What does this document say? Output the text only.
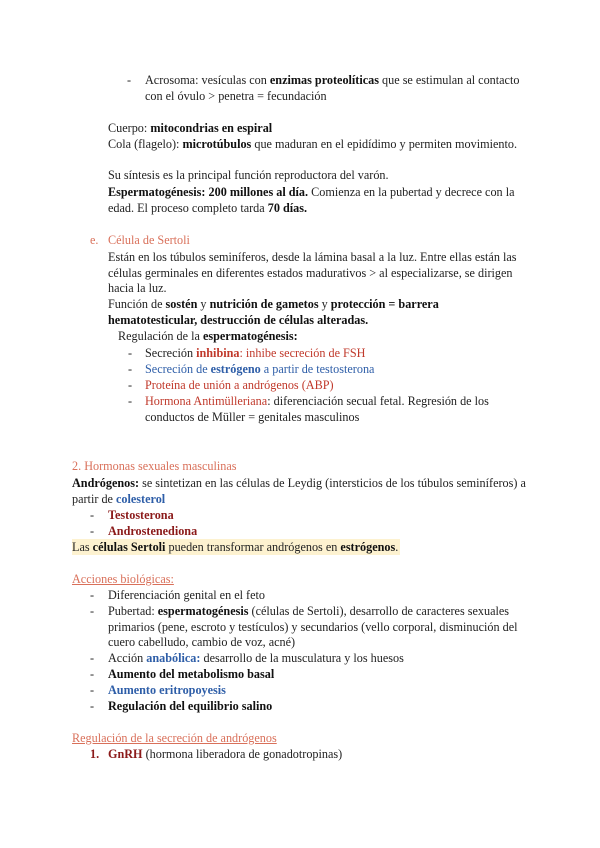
- Acrosoma: vesículas con enzimas proteolíticas que se estimulan al contacto
con el óvulo > penetra = fecundación
Cuerpo: mitocondrias en espiral
Cola (flagelo): microtúbulos que maduran en el epidídimo y permiten movimiento.
Su síntesis es la principal función reproductora del varón.
Espermatogénesis: 200 millones al día. Comienza en la pubertad y decrece con la
edad. El proceso completo tarda 70 días.
e. Célula de Sertoli
Están en los túbulos seminíferos, desde la lámina basal a la luz. Entre ellas están las
células germinales en diferentes estados madurativos > al especializarse, se dirigen
hacia la luz.
Función de sostén y nutrición de gametos y protección = barrera
hematotesticular, destrucción de células alteradas.
Regulación de la espermatogénesis:
- Secreción inhibina: inhibe secreción de FSH
- Secreción de estrógeno a partir de testosterona
- Proteína de unión a andrógenos (ABP)
- Hormona Antimülleriana: diferenciación secual fetal. Regresión de los
conductos de Müller = genitales masculinos
2. Hormonas sexuales masculinas
Andrógenos: se sintetizan en las células de Leydig (intersticios de los túbulos seminíferos) a
partir de colesterol
- Testosterona
- Androstenediona
Las células Sertoli pueden transformar andrógenos en estrógenos.
Acciones biológicas:
- Diferenciación genital en el feto
- Pubertad: espermatogénesis (células de Sertoli), desarrollo de caracteres sexuales
primarios (pene, escroto y testículos) y secundarios (vello corporal, disminución del
cuero cabelludo, cambio de voz, acné)
- Acción anabólica: desarrollo de la musculatura y los huesos
- Aumento del metabolismo basal
- Aumento eritropoyesis
- Regulación del equilibrio salino
Regulación de la secreción de andrógenos
1. GnRH (hormona liberadora de gonadotropinas)
